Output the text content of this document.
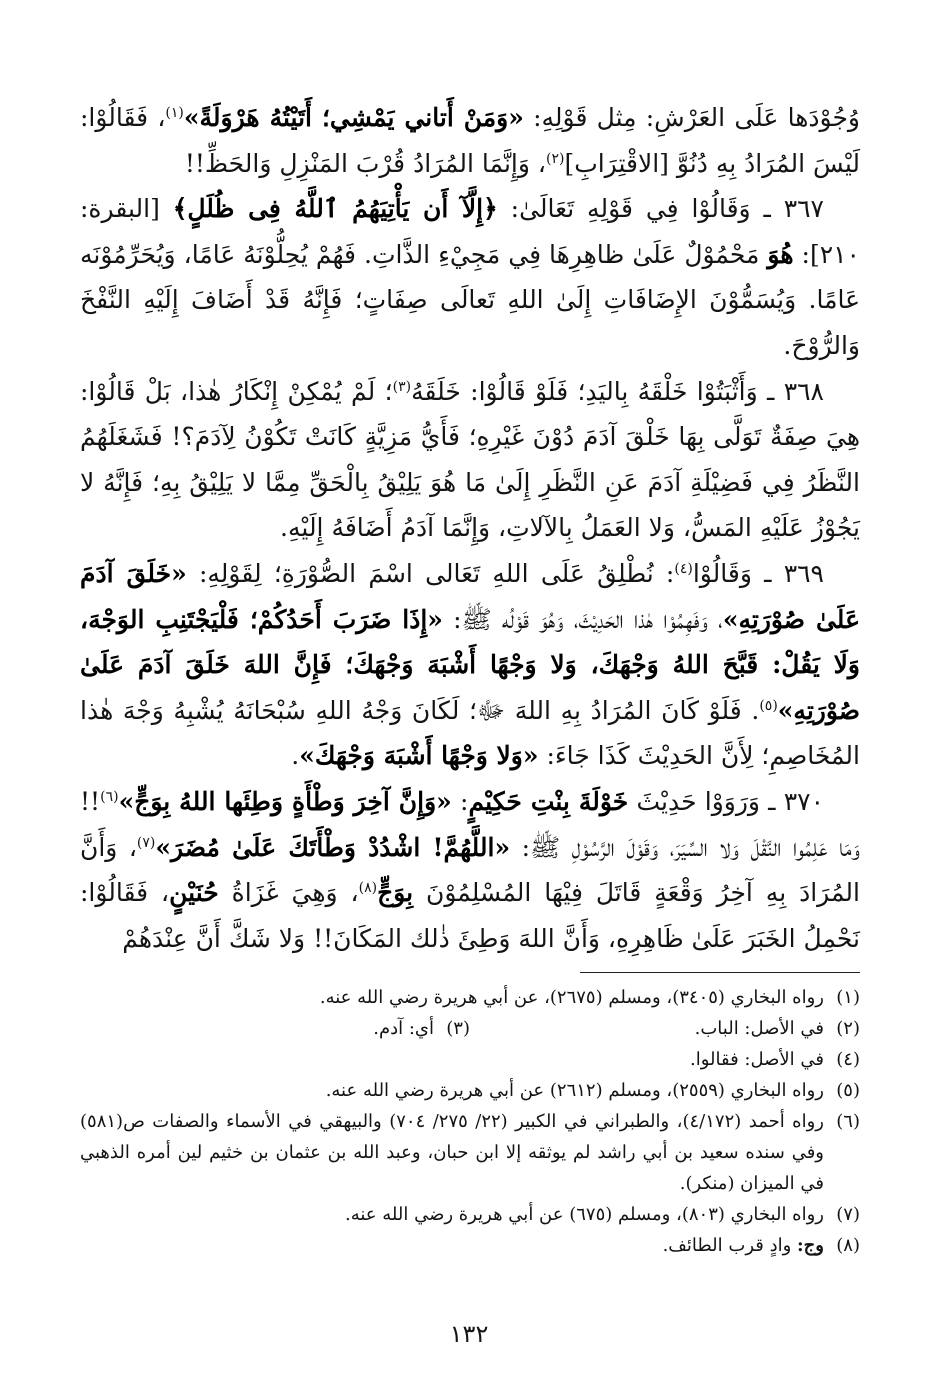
وُجُوْدَها عَلَى العَرْشِ: مِثل قَوْلِهِ: «وَمَنْ أَتاني يَمْشِي؛ أَتَيْتُهُ هَرْوَلَةً»$^{(١)}$، فَقَالُوْا: لَيْسَ المُرَادُ بِهِ دُنُوَّ [الاقْتِرَابِ]$^{(٢)}$، وَإِنَّمَا المُرَادُ قُرْبَ المَنْزِلِ وَالحَظِّ!!

٣٦٧ ـ وَقَالُوْا فِي قَوْلِهِ تَعَالَىٰ: ﴿إِلَّآ أَن يَأْتِيَهُمُ ٱللَّهُ فِى ظُلَلٍ﴾ [البقرة: ٢١٠]: هُوَ مَحْمُوْلٌ عَلَىٰ ظاهِرِهَا فِي مَجِيْءِ الذَّاتِ. فَهُمْ يُحِلُّوْنَهُ عَامًا، وَيُحَرِّمُوْنَه عَامًا. وَيُسَمُّوْنَ الإِضَافَاتِ إِلَىٰ اللهِ تَعالَى صِفَاتٍ؛ فَإِنَّهُ قَدْ أَضَافَ إِلَيْهِ النَّفْخَ وَالرُّوْحَ.

٣٦٨ ـ وَأَثْبَتُوْا خَلْقَهُ بِاليَدِ؛ فَلَوْ قَالُوْا: خَلَقَهُ$^{(٣)}$؛ لَمْ يُمْكِنْ إِنْكَارُ هٰذا، بَلْ قَالُوْا: هِيَ صِفَةٌ تَوَلَّى بِهَا خَلْقَ آدَمَ دُوْنَ غَيْرِهِ؛ فَأَيُّ مَزِيَّةٍ كَانَتْ تَكُوْنُ لِآدَمَ؟! فَشَغَلَهُمُ النَّظَرُ فِي فَضِيْلَةِ آدَمَ عَنِ النَّظَرِ إِلَىٰ مَا هُوَ يَلِيْقُ بِالْحَقِّ مِمَّا لا يَلِيْقُ بِهِ؛ فَإِنَّهُ لا يَجُوْزُ عَلَيْهِ المَسُّ، وَلا العَمَلُ بِالآلاتِ، وَإِنَّمَا آدَمُ أَضَافَهُ إِلَيْهِ.

٣٦٩ ـ وَقَالُوْا$^{(٤)}$: نُطْلِقُ عَلَى اللهِ تَعَالى اسْمَ الصُّوْرَةِ؛ لِقَوْلِهِ: «خَلَقَ آدَمَ عَلَىٰ صُوْرَتِهِ»، وَفَهِمُوْا هٰذا الحَدِيْثَ، وَهُوَ قَوْلُه ﷺ: «إِذَا ضَرَبَ أَحَدُكُمْ؛ فَلْيَجْتَنِبِ الوَجْهَ، وَلَا يَقُلْ: قَبَّحَ اللهُ وَجْهَكَ، وَلا وَجْهًا أَشْبَهَ وَجْهَكَ؛ فَإِنَّ اللهَ خَلَقَ آدَمَ عَلَىٰ صُوْرَتِهِ»$^{(٥)}$. فَلَوْ كَانَ المُرَادُ بِهِ اللهَ ﷻ؛ لَكَانَ وَجْهُ اللهِ سُبْحَانَهُ يُشْبِهُ وَجْهَ هٰذا المُخَاصِمِ؛ لِأَنَّ الحَدِيْثَ كَذَا جَاءَ: «وَلا وَجْهًا أَشْبَهَ وَجْهَكَ».

٣٧٠ ـ وَرَوَوْا حَدِيْثَ خَوْلَةَ بِنْتِ حَكِيْمٍ: «وَإِنَّ آخِرَ وَطْأَةٍ وَطِئَها اللهُ بِوَجٍّ»$^{(٦)}$!! وَمَا عَلِمُوا النَّقْلَ وَلا السِّيَرَ، وَقَوْلَ الرَّسُوْلِ ﷺ: «اللَّهُمَّ! اشْدُدْ وَطْأَتَكَ عَلَىٰ مُضَرَ»$^{(٧)}$، وَأَنَّ المُرَادَ بِهِ آخِرُ وَقْعَةٍ قَاتَلَ فِيْهَا المُسْلِمُوْنَ بِوَجٍّ$^{(٨)}$، وَهِيَ غَزَاةُ حُنَيْنٍ، فَقَالُوْا: نَحْمِلُ الخَبَرَ عَلَىٰ ظَاهِرِهِ، وَأَنَّ اللهَ وَطِئَ ذٰلك المَكَانَ!! وَلا شَكَّ أَنَّ عِنْدَهُمْ

(١)
رواه البخاري (٣٤٠٥)، ومسلم (٢٦٧٥)، عن أبي هريرة رضي الله عنه.
(٢)
في الأصل: الباب.
(٣)
أي: آدم.
(٤)
في الأصل: فقالوا.
(٥)
رواه البخاري (٢٥٥٩)، ومسلم (٢٦١٢) عن أبي هريرة رضي الله عنه.
(٦)
رواه أحمد (٤/١٧٢)، والطبراني في الكبير (٢٢/ ٢٧٥/ ٧٠٤) والبيهقي في الأسماء والصفات ص(٥٨١) وفي سنده سعيد بن أبي راشد لم يوثقه إلا ابن حبان، وعبد الله بن عثمان بن خثيم لين أمره الذهبي في الميزان (منكر).
(٧)
رواه البخاري (٨٠٣)، ومسلم (٦٧٥) عن أبي هريرة رضي الله عنه.
(٨)
وج: وادٍ قرب الطائف.
١٣٢
